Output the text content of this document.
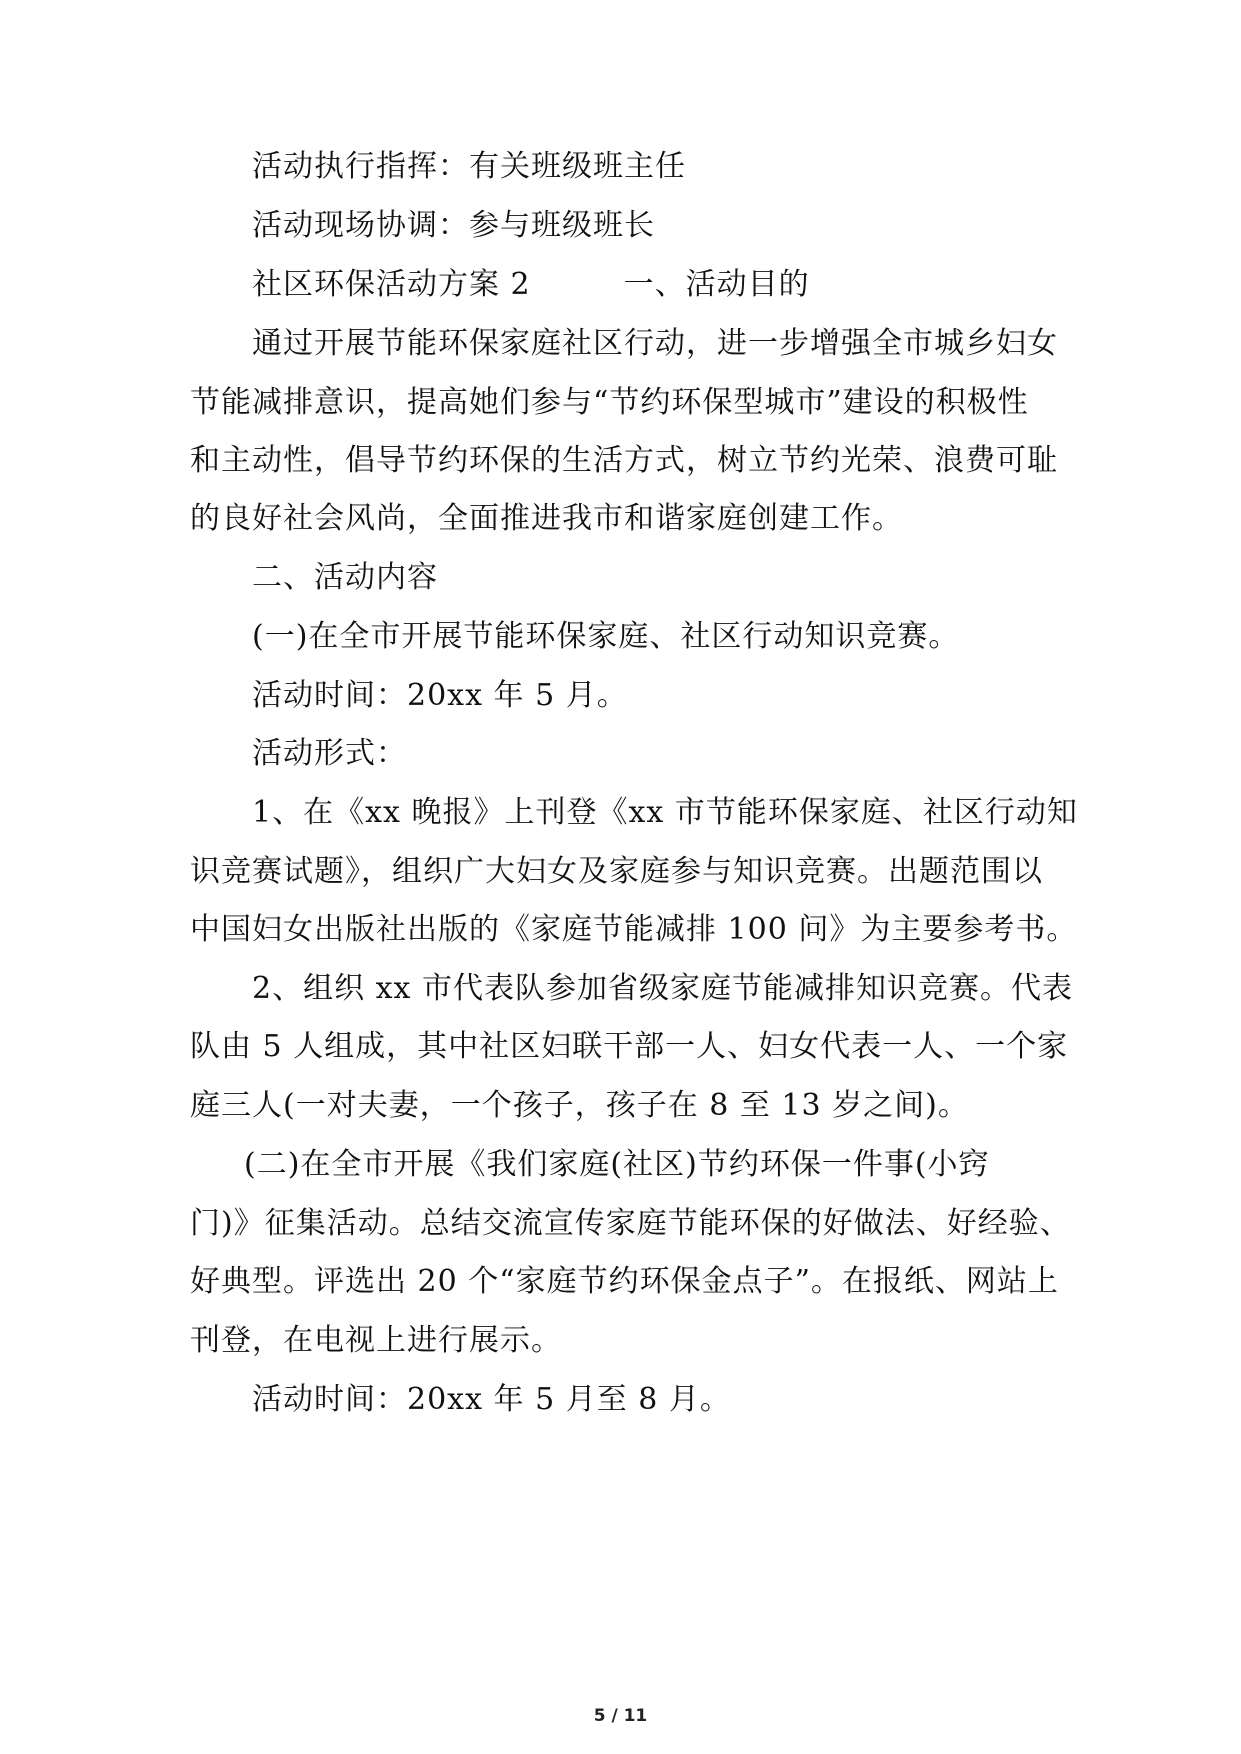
活动执行指挥：有关班级班主任
活动现场协调：参与班级班长
社区环保活动方案 2　　　一、活动目的
通过开展节能环保家庭社区行动，进一步增强全市城乡妇女
节能减排意识，提高她们参与“节约环保型城市”建设的积极性
和主动性，倡导节约环保的生活方式，树立节约光荣、浪费可耻
的良好社会风尚，全面推进我市和谐家庭创建工作。
二、活动内容
(一)在全市开展节能环保家庭、社区行动知识竞赛。
活动时间：20xx 年 5 月。
活动形式：
1、在《xx 晚报》上刊登《xx 市节能环保家庭、社区行动知
识竞赛试题》，组织广大妇女及家庭参与知识竞赛。出题范围以
中国妇女出版社出版的《家庭节能减排 100 问》为主要参考书。
2、组织 xx 市代表队参加省级家庭节能减排知识竞赛。代表
队由 5 人组成，其中社区妇联干部一人、妇女代表一人、一个家
庭三人(一对夫妻，一个孩子，孩子在 8 至 13 岁之间)。
(二)在全市开展《我们家庭(社区)节约环保一件事(小窍
门)》征集活动。总结交流宣传家庭节能环保的好做法、好经验、
好典型。评选出 20 个“家庭节约环保金点子”。在报纸、网站上
刊登，在电视上进行展示。
活动时间：20xx 年 5 月至 8 月。
5 / 11
